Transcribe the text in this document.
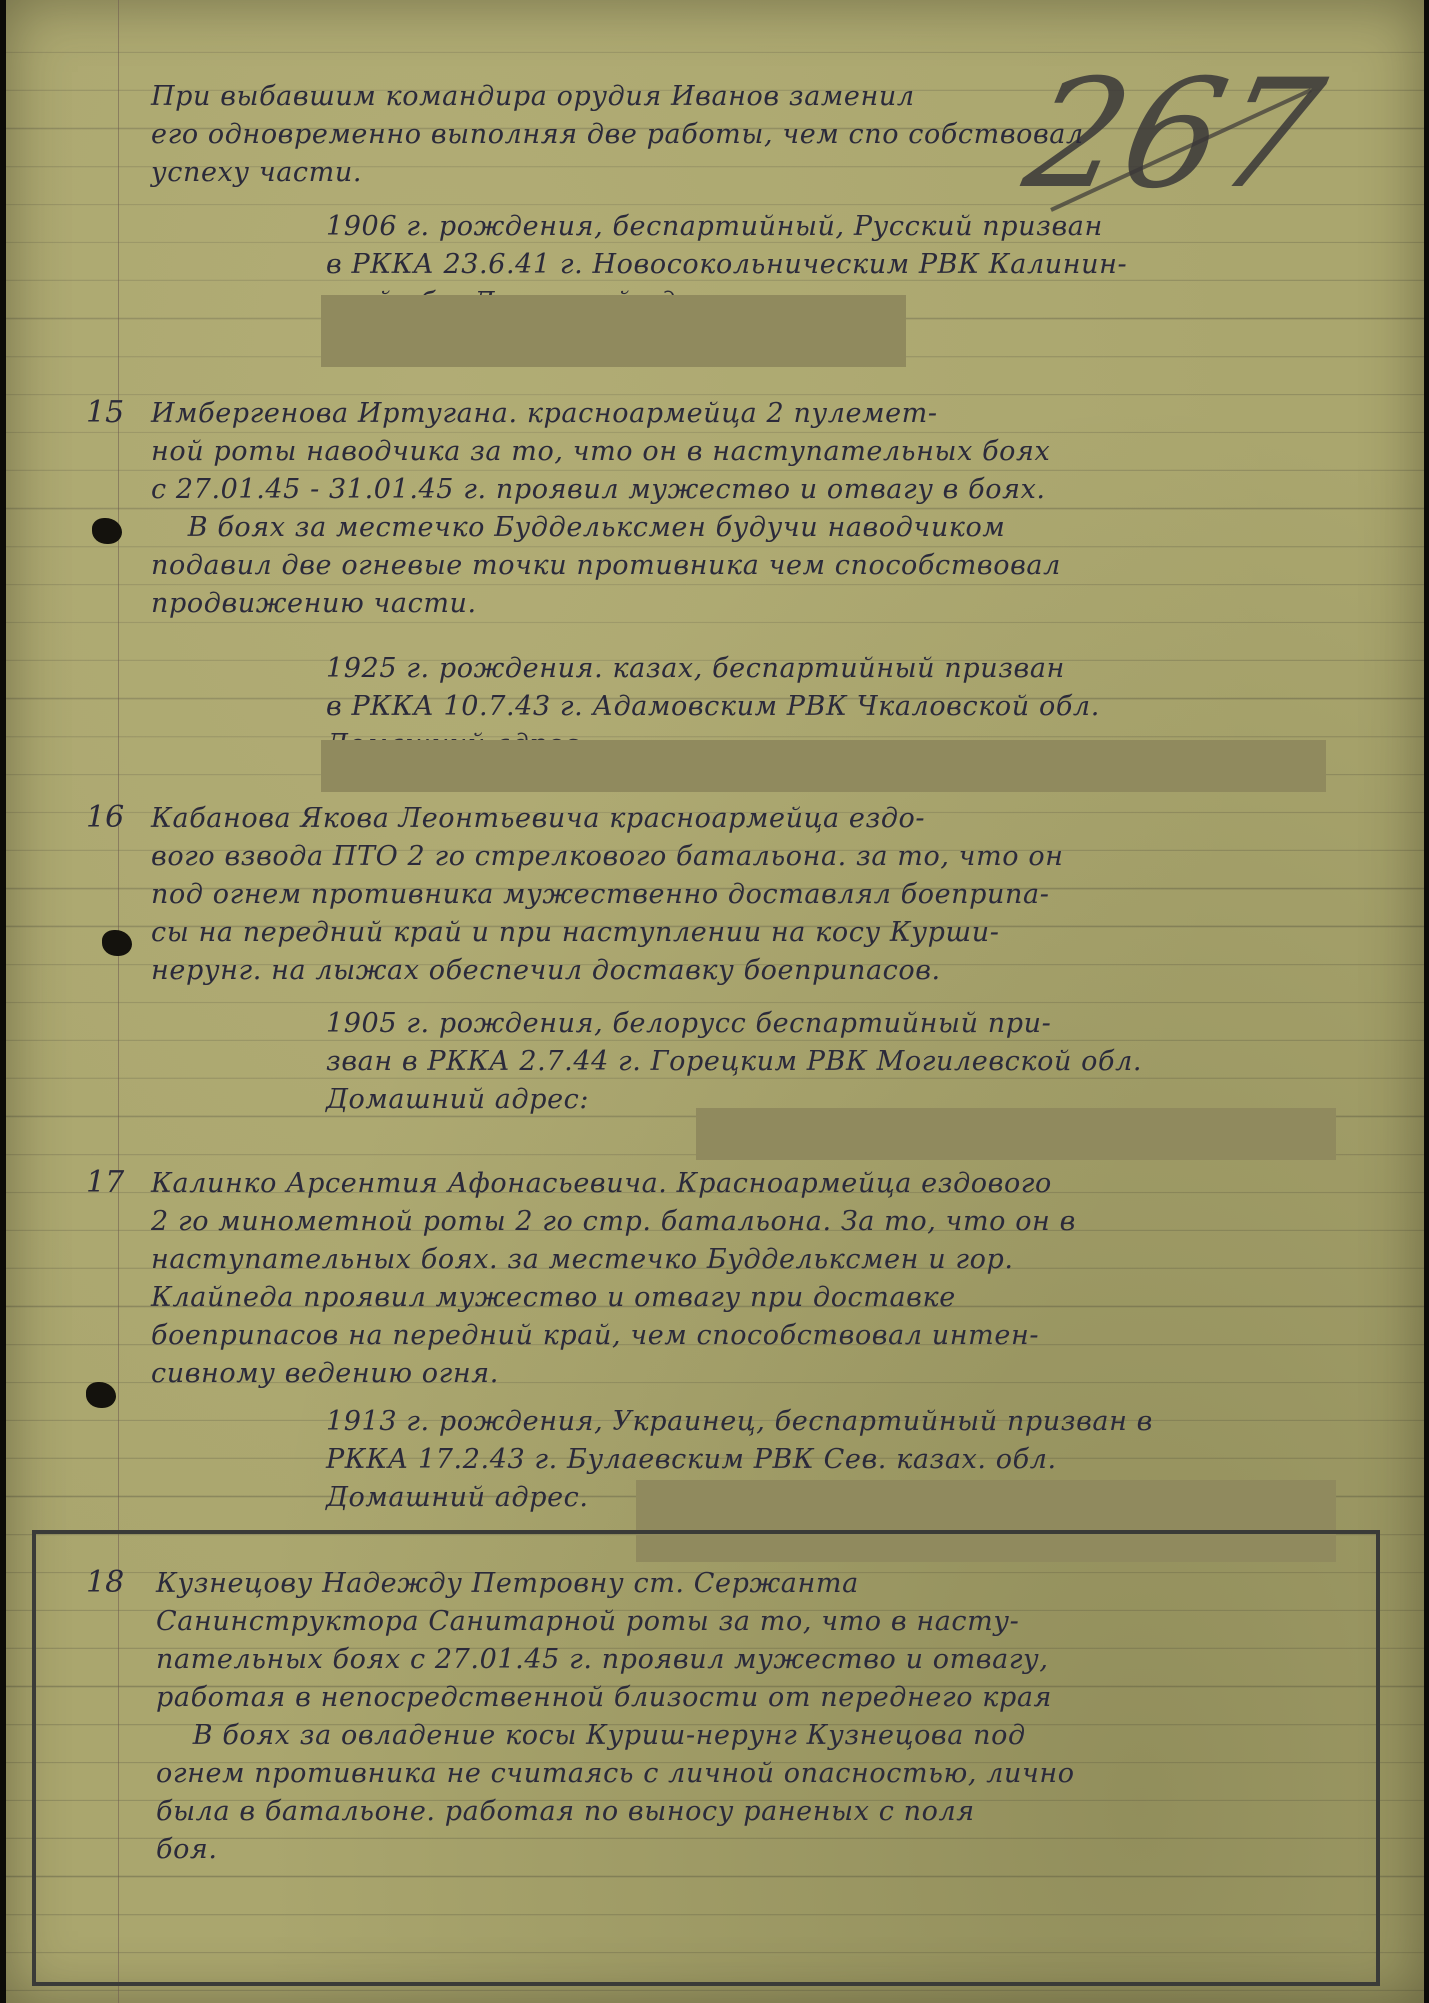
267
При выбавшим командира орудия Иванов заменил
его одновременно выполняя две работы, чем спо собствовал
успеху части.
1906 г. рождения, беспартийный, Русский призван
в РККА 23.6.41 г. Новосокольническим РВК Калинин-

15 Имбергенова Иртугана. красноармейца 2 пулемет-
ной роты наводчика за то, что он в наступательных боях
с 27.01.45 - 31.01.45 г. проявил мужество и отвагу в боях.
В боях за местечко Буддельксмен будучи наводчиком
подавил две огневые точки противника чем способствовал
продвижению части.
1925 г. рождения. казах, беспартийный призван
в РККА 10.7.43 г. Адамовским РВК Чкаловской обл.

16 Кабанова Якова Леонтьевича красноармейца ездо-
вого взвода ПТО 2 го стрелкового батальона. за то, что он
под огнем противника мужественно доставлял боеприпа-
сы на передний край и при наступлении на косу Курши-
нерунг. на лыжах обеспечил доставку боеприпасов.
1905 г. рождения, белорусс беспартийный при-
зван в РККА 2.7.44 г. Горецким РВК Могилевской обл.
Домашний адрес:
17 Калинко Арсентия Афонасьевича. Красноармейца ездового
2 го минометной роты 2 го стр. батальона. За то, что он в
наступательных боях. за местечко Буддельксмен и гор.
Клайпеда проявил мужество и отвагу при доставке
боеприпасов на передний край, чем способствовал интен-
сивному ведению огня.
1913 г. рождения, Украинец, беспартийный призван в
РККА 17.2.43 г. Булаевским РВК Сев. казах. обл.
Домашний адрес.
18 Кузнецову Надежду Петровну ст. Сержанта
Санинструктора Санитарной роты за то, что в насту-
пательных боях с 27.01.45 г. проявил мужество и отвагу,
работая в непосредственной близости от переднего края
В боях за овладение косы Куриш-нерунг Кузнецова под
огнем противника не считаясь с личной опасностью, лично
была в батальоне. работая по выносу раненых с поля
боя.
